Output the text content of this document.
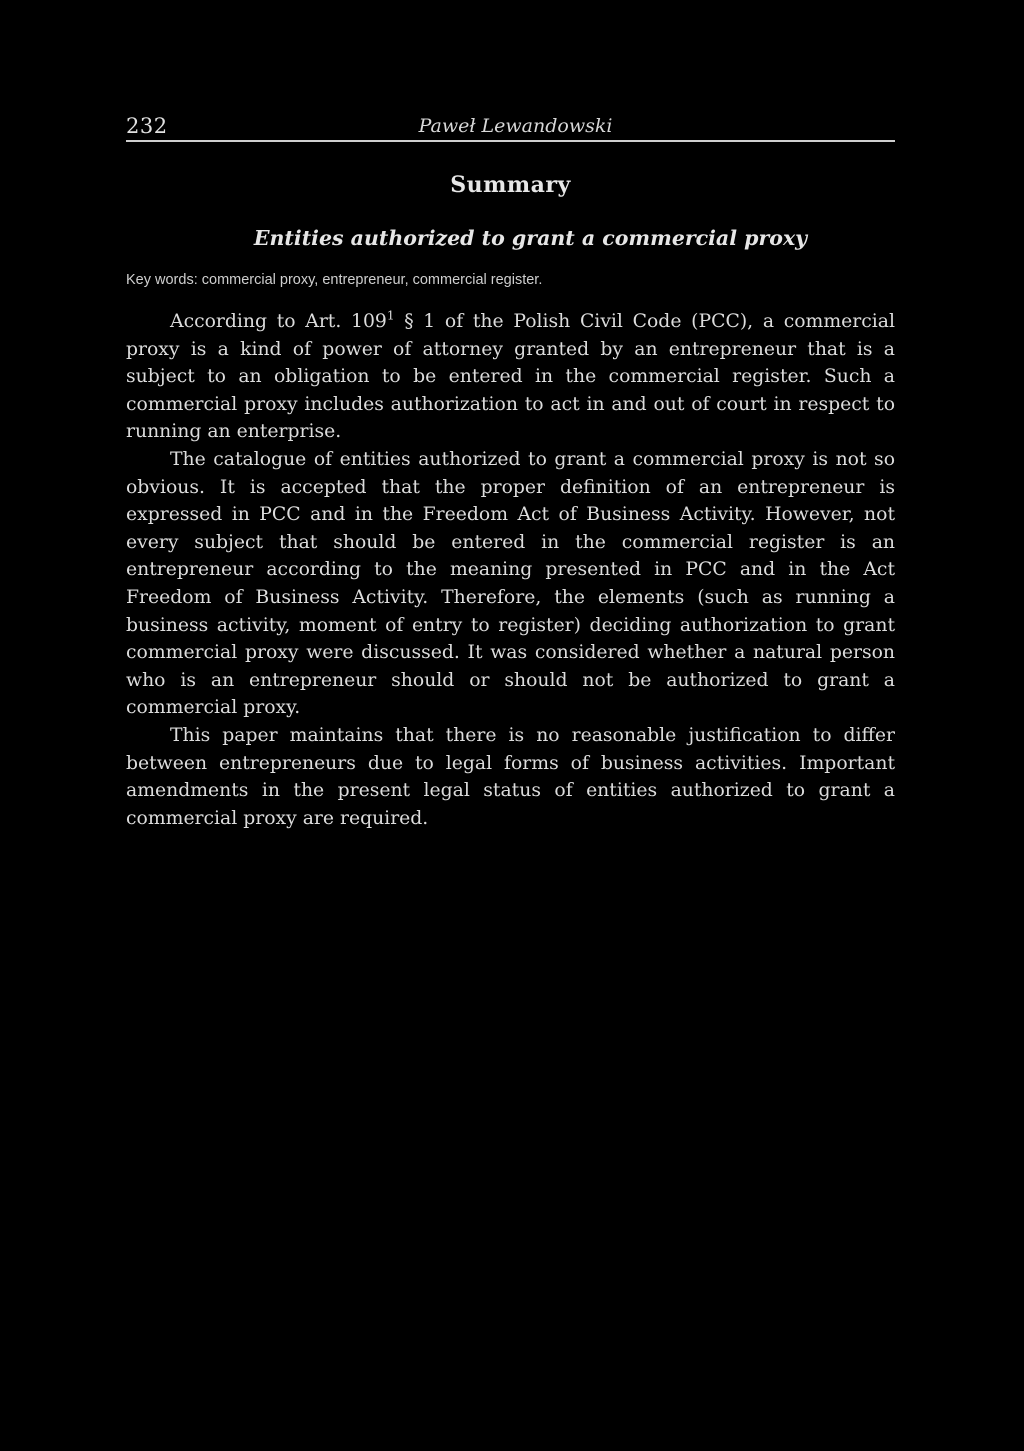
232	Paweł Lewandowski
Summary
Entities authorized to grant a commercial proxy
Key words: commercial proxy, entrepreneur, commercial register.

According to Art. $109^1$ § 1 of the Polish Civil Code (PCC), a commercial proxy is a kind of power of attorney granted by an entrepreneur that is a subject to an obligation to be entered in the commercial register. Such a commercial proxy includes authorization to act in and out of court in respect to running an enterprise.

The catalogue of entities authorized to grant a commercial proxy is not so obvious. It is accepted that the proper definition of an entrepreneur is expressed in PCC and in the Freedom Act of Business Activity. However, not every subject that should be entered in the commercial register is an entrepreneur according to the meaning presented in PCC and in the Act Freedom of Business Activity. Therefore, the elements (such as running a business activity, moment of entry to register) deciding authorization to grant commercial proxy were discussed. It was considered whether a natural person who is an entrepreneur should or should not be authorized to grant a commercial proxy.

This paper maintains that there is no reasonable justification to differ between entrepreneurs due to legal forms of business activities. Important amendments in the present legal status of entities authorized to grant a commercial proxy are required.
